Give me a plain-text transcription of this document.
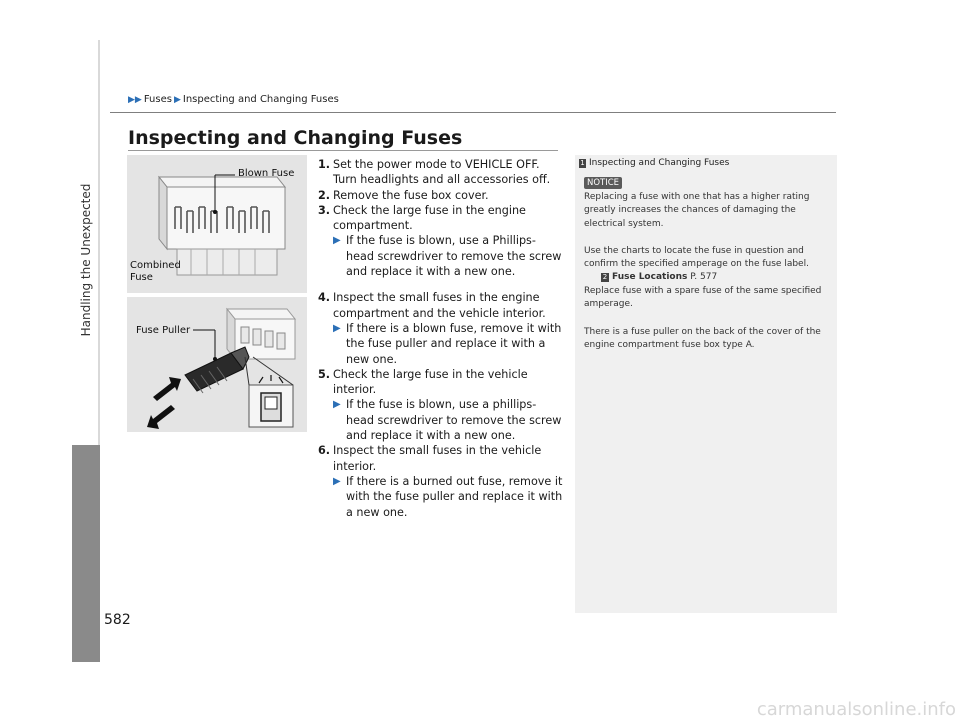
Handling the Unexpected
▶▶ Fuses ▶ Inspecting and Changing Fuses
Inspecting and Changing Fuses
Blown Fuse
Combined
Fuse
Fuse Puller
1. Set the power mode to VEHICLE OFF. Turn headlights and all accessories off.
2. Remove the fuse box cover.
3. Check the large fuse in the engine compartment.
▶ If the fuse is blown, use a Phillips-head screwdriver to remove the screw and replace it with a new one.
4. Inspect the small fuses in the engine compartment and the vehicle interior.
▶ If there is a blown fuse, remove it with the fuse puller and replace it with a new one.
5. Check the large fuse in the vehicle interior.
▶ If the fuse is blown, use a phillips-head screwdriver to remove the screw and replace it with a new one.
6. Inspect the small fuses in the vehicle interior.
▶ If there is a burned out fuse, remove it with the fuse puller and replace it with a new one.
1 Inspecting and Changing Fuses
NOTICE
Replacing a fuse with one that has a higher rating greatly increases the chances of damaging the electrical system.
Use the charts to locate the fuse in question and confirm the specified amperage on the fuse label.
2 Fuse Locations P. 577
Replace fuse with a spare fuse of the same specified amperage.
There is a fuse puller on the back of the cover of the engine compartment fuse box type A.
582
carmanualsonline.info
